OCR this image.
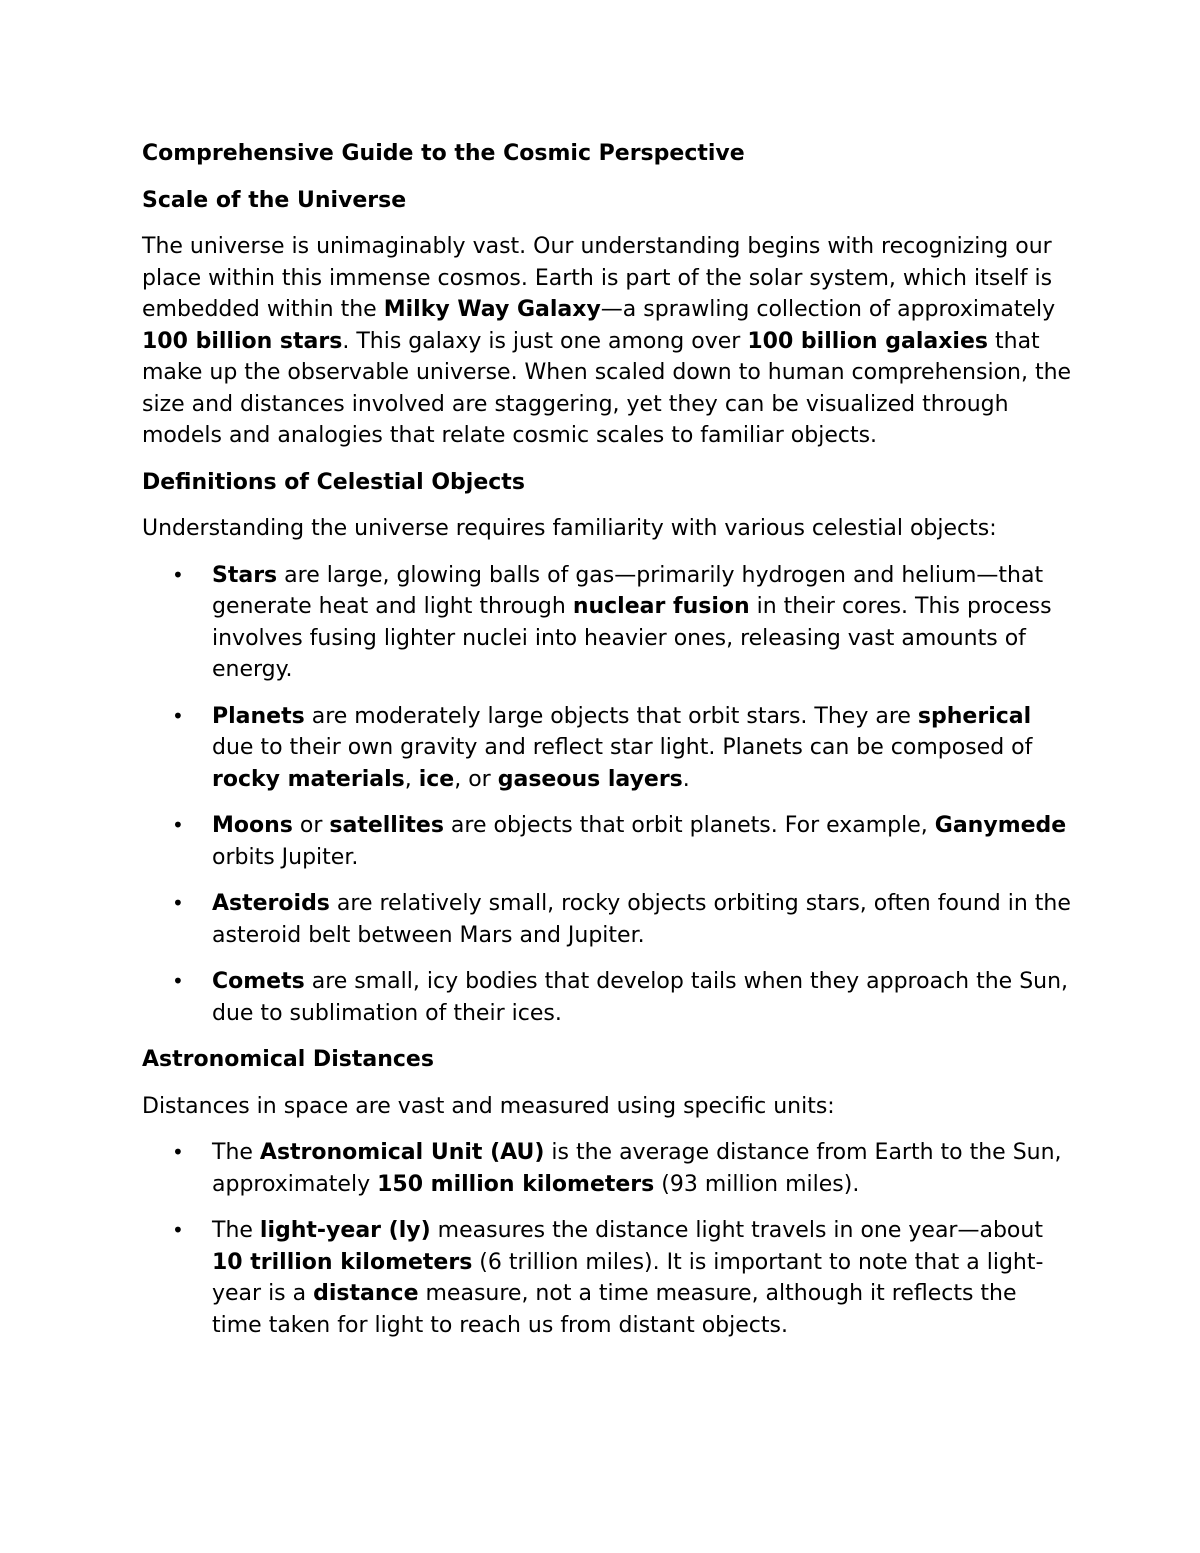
Comprehensive Guide to the Cosmic Perspective
Scale of the Universe

The universe is unimaginably vast. Our understanding begins with recognizing our place within this immense cosmos. Earth is part of the solar system, which itself is embedded within the Milky Way Galaxy—a sprawling collection of approximately 100 billion stars. This galaxy is just one among over 100 billion galaxies that make up the observable universe. When scaled down to human comprehension, the size and distances involved are staggering, yet they can be visualized through models and analogies that relate cosmic scales to familiar objects.

Definitions of Celestial Objects

Understanding the universe requires familiarity with various celestial objects:

• Stars are large, glowing balls of gas—primarily hydrogen and helium—that generate heat and light through nuclear fusion in their cores. This process involves fusing lighter nuclei into heavier ones, releasing vast amounts of energy.
• Planets are moderately large objects that orbit stars. They are spherical due to their own gravity and reflect star light. Planets can be composed of rocky materials, ice, or gaseous layers.
• Moons or satellites are objects that orbit planets. For example, Ganymede orbits Jupiter.
• Asteroids are relatively small, rocky objects orbiting stars, often found in the asteroid belt between Mars and Jupiter.
• Comets are small, icy bodies that develop tails when they approach the Sun, due to sublimation of their ices.
Astronomical Distances

Distances in space are vast and measured using specific units:

• The Astronomical Unit (AU) is the average distance from Earth to the Sun, approximately 150 million kilometers (93 million miles).
• The light-year (ly) measures the distance light travels in one year—about 10 trillion kilometers (6 trillion miles). It is important to note that a light-year is a distance measure, not a time measure, although it reflects the time taken for light to reach us from distant objects.
